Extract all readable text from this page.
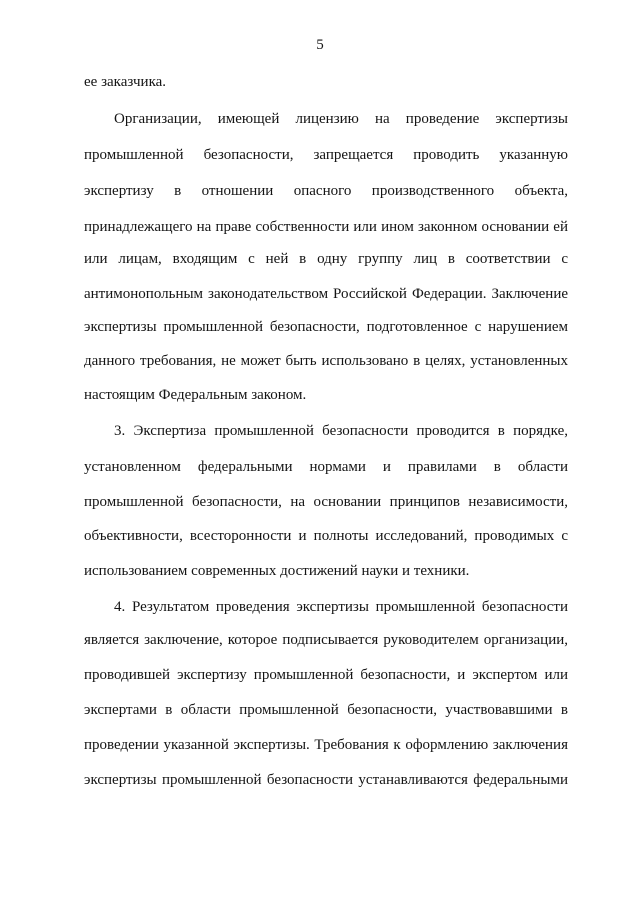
5
ее заказчика.
Организации, имеющей лицензию на проведение экспертизы
промышленной безопасности, запрещается проводить указанную
экспертизу в отношении опасного производственного объекта,
принадлежащего на праве собственности или ином законном основании ей
или лицам, входящим с ней в одну группу лиц в соответствии с
антимонопольным законодательством Российской Федерации. Заключение
экспертизы промышленной безопасности, подготовленное с нарушением
данного требования, не может быть использовано в целях, установленных
настоящим Федеральным законом.
3. Экспертиза промышленной безопасности проводится в порядке,
установленном федеральными нормами и правилами в области
промышленной безопасности, на основании принципов независимости,
объективности, всесторонности и полноты исследований, проводимых с
использованием современных достижений науки и техники.
4. Результатом проведения экспертизы промышленной безопасности
является заключение, которое подписывается руководителем организации,
проводившей экспертизу промышленной безопасности, и экспертом или
экспертами в области промышленной безопасности, участвовавшими в
проведении указанной экспертизы. Требования к оформлению заключения
экспертизы промышленной безопасности устанавливаются федеральными
